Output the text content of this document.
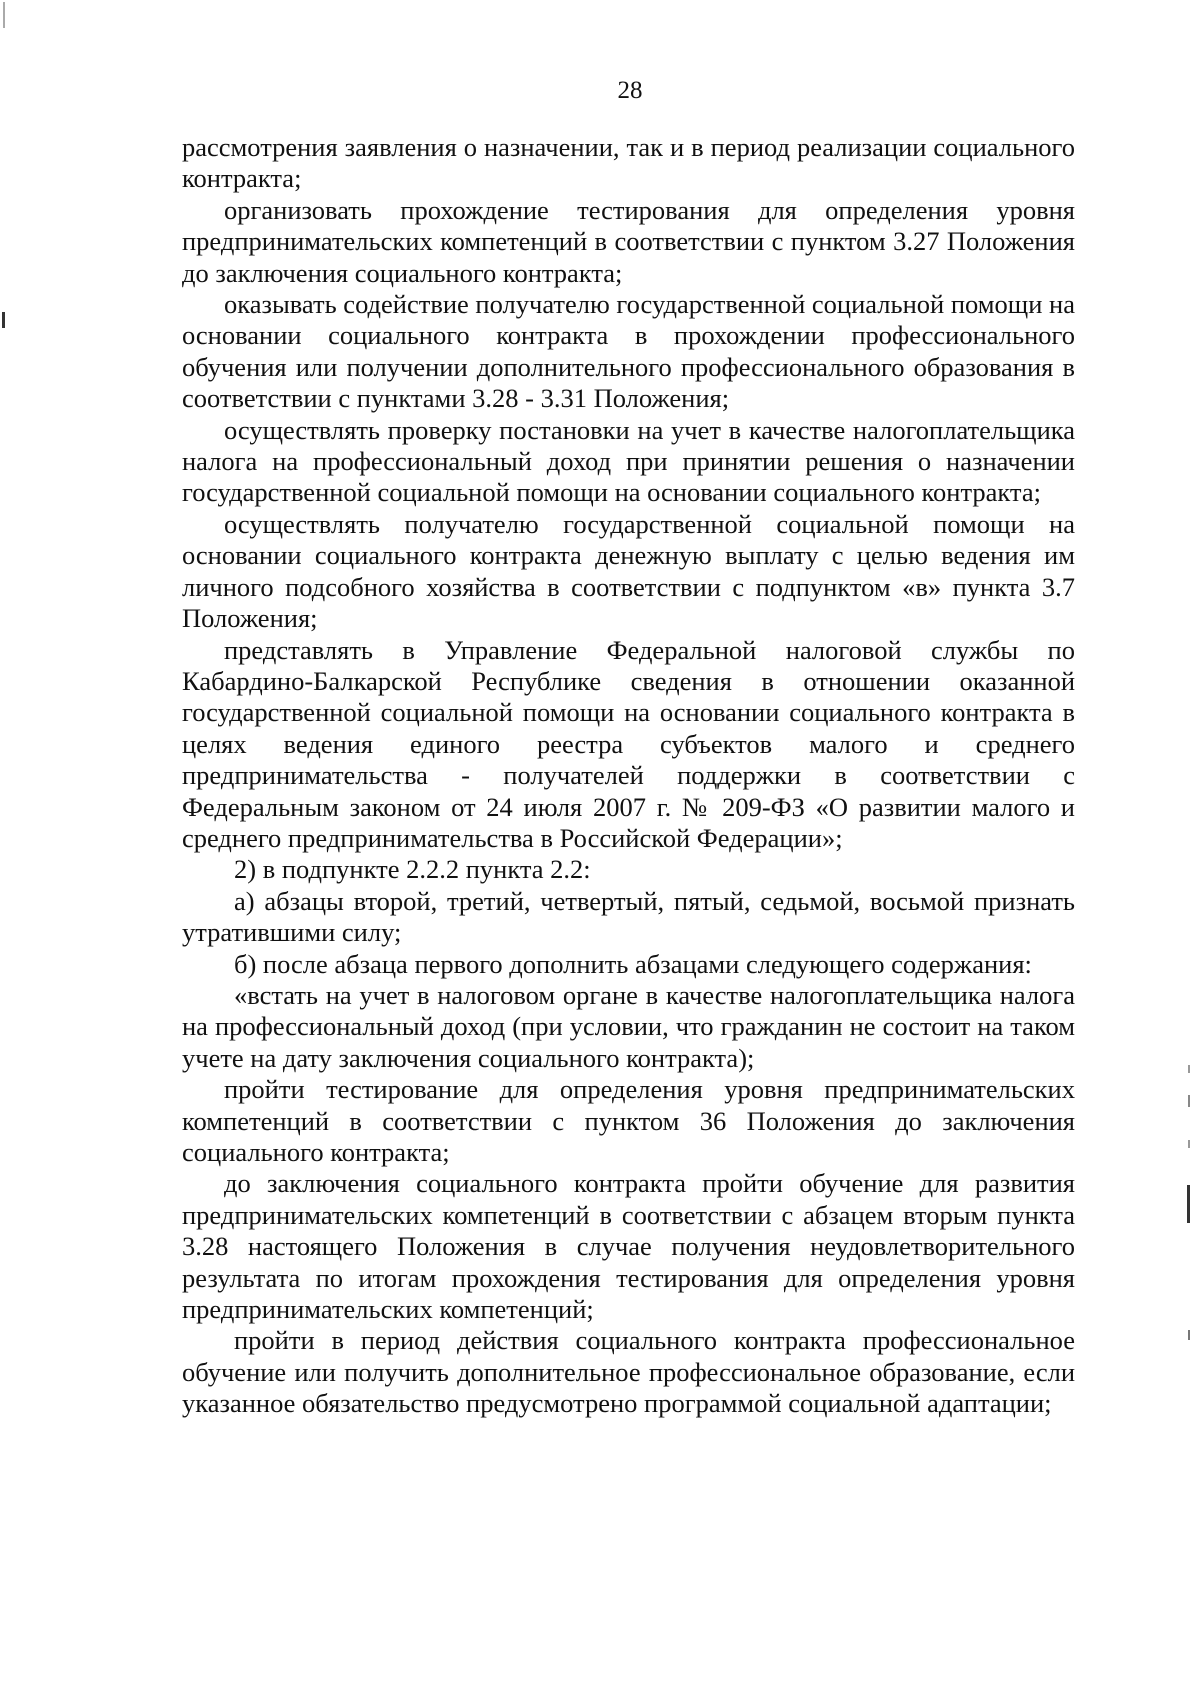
28

рассмотрения заявления о назначении, так и в период реализации социального контракта;

организовать прохождение тестирования для определения уровня предпринимательских компетенций в соответствии с пунктом 3.27 Положения до заключения социального контракта;

оказывать содействие получателю государственной социальной помощи на основании социального контракта в прохождении профессионального обучения или получении дополнительного профессионального образования в соответствии с пунктами 3.28 - 3.31 Положения;

осуществлять проверку постановки на учет в качестве налогоплательщика налога на профессиональный доход при принятии решения о назначении государственной социальной помощи на основании социального контракта;

осуществлять получателю государственной социальной помощи на основании социального контракта денежную выплату с целью ведения им личного подсобного хозяйства в соответствии с подпунктом «в» пункта 3.7 Положения;

представлять в Управление Федеральной налоговой службы по Кабардино-Балкарской Республике сведения в отношении оказанной государственной социальной помощи на основании социального контракта в целях ведения единого реестра субъектов малого и среднего предпринимательства - получателей поддержки в соответствии с Федеральным законом от 24 июля 2007 г. № 209-ФЗ «О развитии малого и среднего предпринимательства в Российской Федерации»;

2) в подпункте 2.2.2 пункта 2.2:

а) абзацы второй, третий, четвертый, пятый, седьмой, восьмой признать утратившими силу;

б) после абзаца первого дополнить абзацами следующего содержания:

«встать на учет в налоговом органе в качестве налогоплательщика налога на профессиональный доход (при условии, что гражданин не состоит на таком учете на дату заключения социального контракта);

пройти тестирование для определения уровня предпринимательских компетенций в соответствии с пунктом 36 Положения до заключения социального контракта;

до заключения социального контракта пройти обучение для развития предпринимательских компетенций в соответствии с абзацем вторым пункта 3.28 настоящего Положения в случае получения неудовлетворительного результата по итогам прохождения тестирования для определения уровня предпринимательских компетенций;

пройти в период действия социального контракта профессиональное обучение или получить дополнительное профессиональное образование, если указанное обязательство предусмотрено программой социальной адаптации;
